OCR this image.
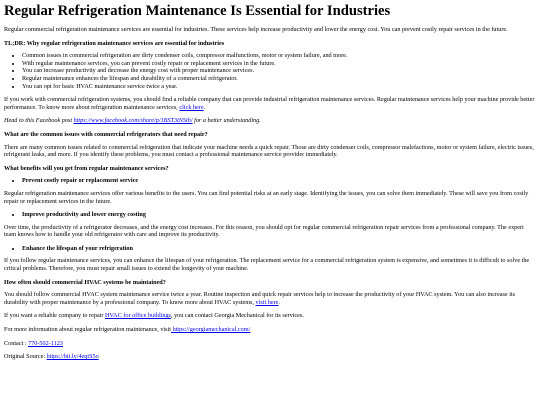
Regular Refrigeration Maintenance Is Essential for Industries

Regular commercial refrigeration maintenance services are essential for industries. These services help increase productivity and lower the energy cost. You can prevent costly repair services in the future.

TL;DR: Why regular refrigeration maintenance services are essential for industries
• Common issues in commercial refrigeration are dirty condenser coils, compressor malfunctions, motor or system failure, and more.
• With regular maintenance services, you can prevent costly repair or replacement services in the future.
• You can increase productivity and decrease the energy cost with proper maintenance services.
• Regular maintenance enhances the lifespan and durability of a commercial refrigerator.
• You can opt for basic HVAC maintenance service twice a year.

If you work with commercial refrigeration systems, you should find a reliable company that can provide industrial refrigeration maintenance services. Regular maintenance services help your machine provide better performance. To know more about refrigeration maintenance services, click here.

Head to this Facebook post https://www.facebook.com/share/p/1BST3tNSth/ for a better understanding.

What are the common issues with commercial refrigerators that need repair?

There are many common issues related to commercial refrigeration that indicate your machine needs a quick repair. Those are dirty condenser coils, compressor malefactions, motor or system failure, electric issues, refrigerant leaks, and more. If you identify these problems, you must contact a professional maintenance service provider immediately.

What benefits will you get from regular maintenance services?
• Prevent costly repair or replacement service

Regular refrigeration maintenance services offer various benefits to the users. You can find potential risks at an early stage. Identifying the issues, you can solve them immediately. These will save you from costly repair or replacement services in the future.

• Improve productivity and lower energy costing

Over time, the productivity of a refrigerator decreases, and the energy cost increases. For this reason, you should opt for regular commercial refrigeration repair services from a professional company. The expert team knows how to handle your old refrigerator with care and improve its productivity.

• Enhance the lifespan of your refrigeration

If you follow regular maintenance services, you can enhance the lifespan of your refrigeration. The replacement service for a commercial refrigeration system is expensive, and sometimes it is difficult to solve the critical problems. Therefore, you must repair small issues to extend the longevity of your machine.

How often should commercial HVAC systems be maintained?

You should follow commercial HVAC system maintenance service twice a year. Routine inspection and quick repair services help to increase the productivity of your HVAC system. You can also increase its durability with proper maintenance by a professional company. To know more about HVAC systems, visit here.

If you want a reliable company to repair HVAC for office buildings, you can contact Georgia Mechanical for its services.

For more information about regular refrigeration maintenance, visit https://georgiamechanical.com/

Contact : 770-502-1123

Original Source: https://bit.ly/4eqtS5o
